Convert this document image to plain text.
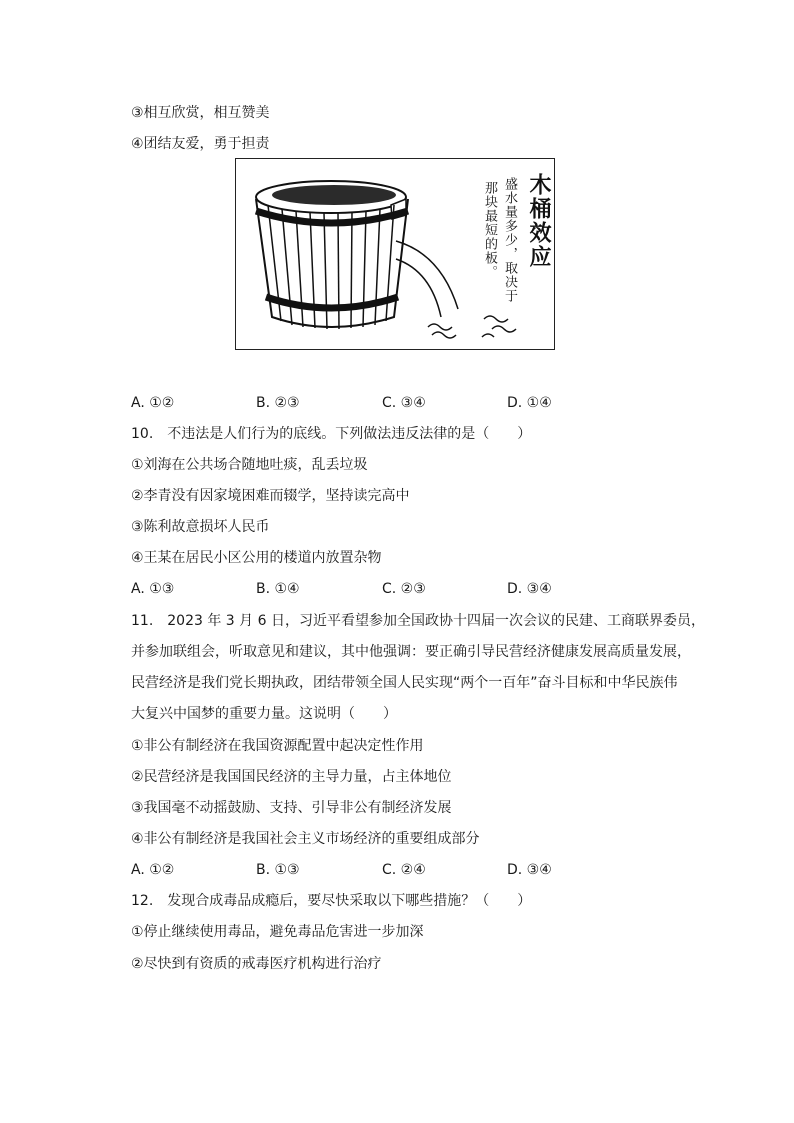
③相互欣赏，相互赞美
④团结友爱，勇于担责
木桶效应
盛水量多少，取决于
那块最短的板。
A. ①②	B. ②③	C. ③④	D. ①④
10.　不违法是人们行为的底线。下列做法违反法律的是（　　）
①刘海在公共场合随地吐痰，乱丢垃圾
②李青没有因家境困难而辍学，坚持读完高中
③陈利故意损坏人民币
④王某在居民小区公用的楼道内放置杂物
A. ①③	B. ①④	C. ②③	D. ③④
11.　2023 年 3 月 6 日，习近平看望参加全国政协十四届一次会议的民建、工商联界委员，
并参加联组会，听取意见和建议，其中他强调：要正确引导民营经济健康发展高质量发展，
民营经济是我们党长期执政，团结带领全国人民实现“两个一百年”奋斗目标和中华民族伟
大复兴中国梦的重要力量。这说明（　　）
①非公有制经济在我国资源配置中起决定性作用
②民营经济是我国国民经济的主导力量，占主体地位
③我国毫不动摇鼓励、支持、引导非公有制经济发展
④非公有制经济是我国社会主义市场经济的重要组成部分
A. ①②	B. ①③	C. ②④	D. ③④
12.　发现合成毒品成瘾后，要尽快采取以下哪些措施？（　　）
①停止继续使用毒品，避免毒品危害进一步加深
②尽快到有资质的戒毒医疗机构进行治疗
